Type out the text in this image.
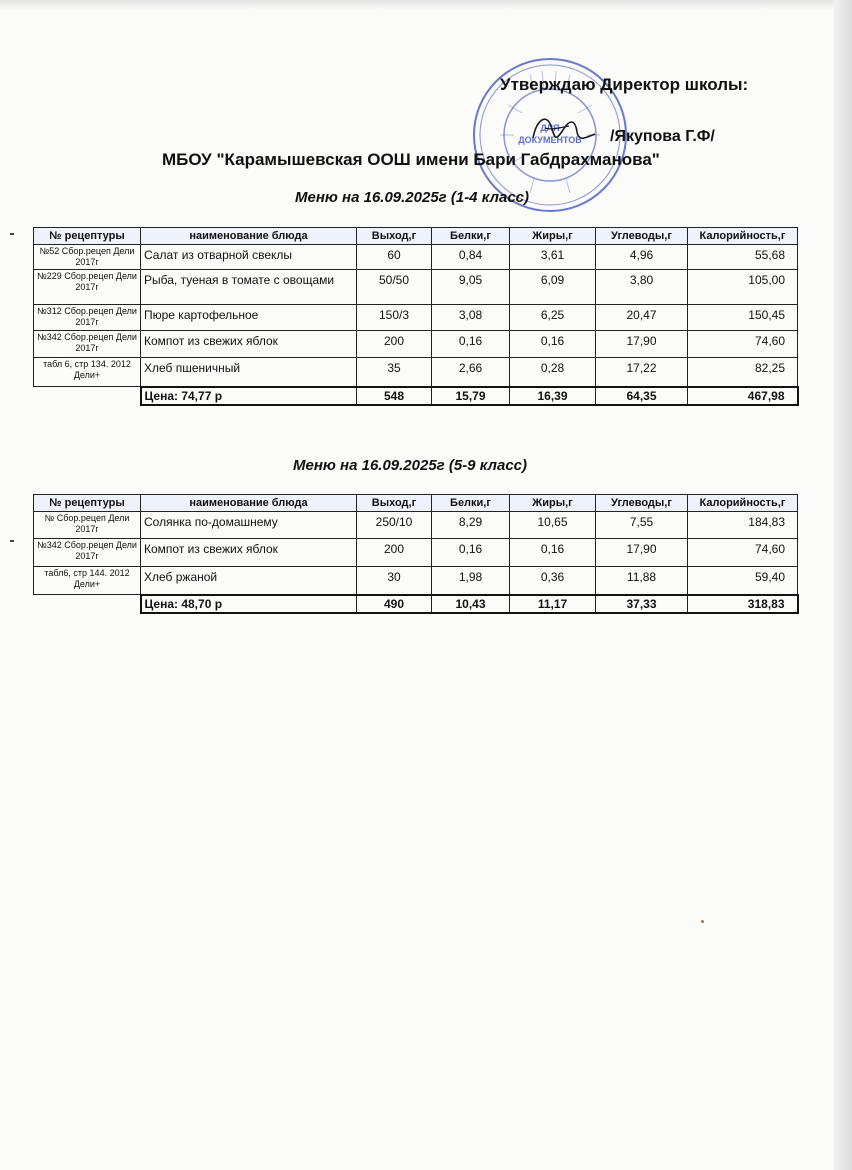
ДЛЯ
ДОКУМЕНТОВ
Утверждаю Директор школы:
/Якупова Г.Ф/
МБОУ "Карамышевская ООШ имени Бари Габдрахманова"
Меню на 16.09.2025г (1-4 класс)
№ рецептуры	наименование блюда	Выход,г	Белки,г	Жиры,г	Углеводы,г	Калорийность,г
№52 Сбор.рецеп Дели 2017г	Салат из отварной свеклы	60	0,84	3,61	4,96	55,68
№229 Сбор.рецеп Дели 2017г	Рыба, туеная в томате с овощами	50/50	9,05	6,09	3,80	105,00
№312 Сбор.рецеп Дели 2017г	Пюре картофельное	150/3	3,08	6,25	20,47	150,45
№342 Сбор.рецеп Дели 2017г	Компот из свежих яблок	200	0,16	0,16	17,90	74,60
табл 6, стр 134. 2012 Дели+	Хлеб пшеничный	35	2,66	0,28	17,22	82,25
	Цена: 74,77 р	548	15,79	16,39	64,35	467,98
Меню на 16.09.2025г (5-9 класс)
№ рецептуры	наименование блюда	Выход,г	Белки,г	Жиры,г	Углеводы,г	Калорийность,г
№ Сбор.рецеп Дели 2017г	Солянка по-домашнему	250/10	8,29	10,65	7,55	184,83
№342 Сбор.рецеп Дели 2017г	Компот из свежих яблок	200	0,16	0,16	17,90	74,60
табл6, стр 144. 2012 Дели+	Хлеб ржаной	30	1,98	0,36	11,88	59,40
	Цена: 48,70 р	490	10,43	11,17	37,33	318,83
